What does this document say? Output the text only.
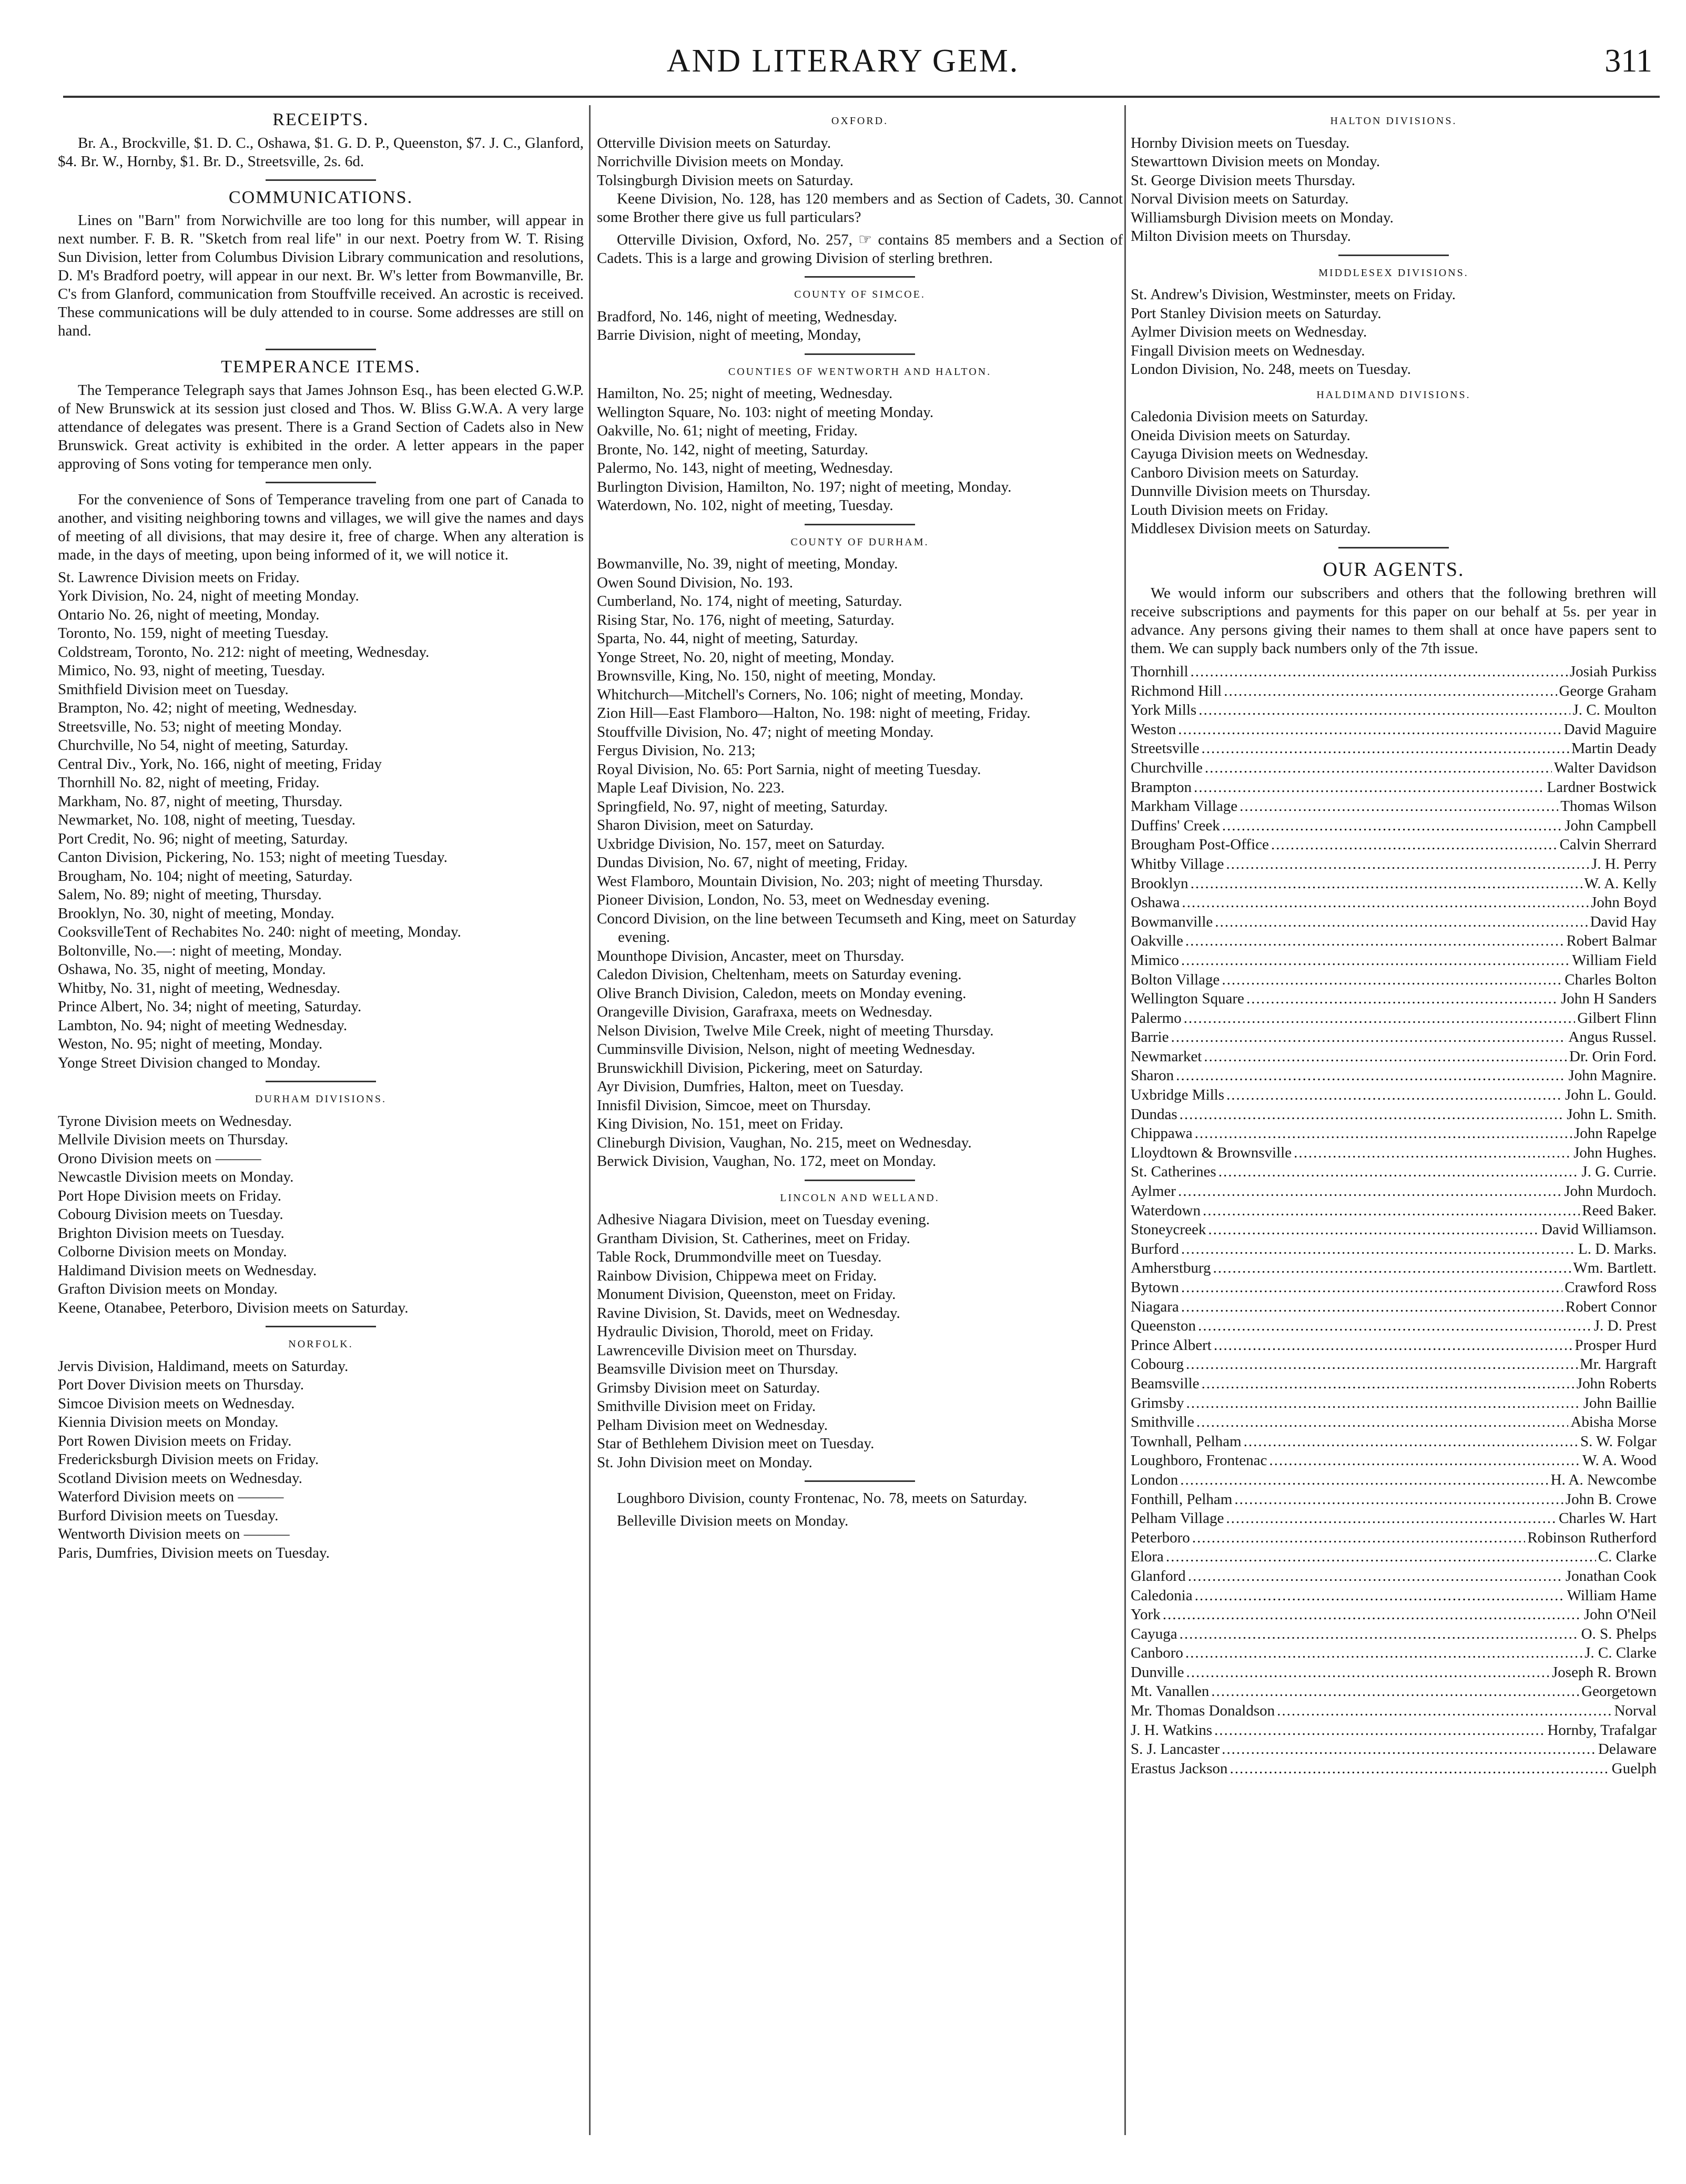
AND LITERARY GEM.	311
RECEIPTS.
Br. A., Brockville, $1. D. C., Oshawa, $1. G. D. P., Queenston, $7. J. C., Glanford, $4. Br. W., Hornby, $1. Br. D., Streetsville, 2s. 6d.
COMMUNICATIONS.
Lines on "Barn" from Norwichville are too long for this number, will appear in next number. F. B. R. "Sketch from real life" in our next. Poetry from W. T. Rising Sun Division, letter from Columbus Division Library communication and resolutions, D. M's Bradford poetry, will appear in our next. Br. W's letter from Bowmanville, Br. C's from Glanford, communication from Stouffville received. An acrostic is received. These communications will be duly attended to in course. Some addresses are still on hand.
TEMPERANCE ITEMS.
The Temperance Telegraph says that James Johnson Esq., has been elected G.W.P. of New Brunswick at its session just closed and Thos. W. Bliss G.W.A. A very large attendance of delegates was present. There is a Grand Section of Cadets also in New Brunswick. Great activity is exhibited in the order. A letter appears in the paper approving of Sons voting for temperance men only.
For the convenience of Sons of Temperance traveling from one part of Canada to another, and visiting neighboring towns and villages, we will give the names and days of meeting of all divisions, that may desire it, free of charge. When any alteration is made, in the days of meeting, upon being informed of it, we will notice it.
St. Lawrence Division meets on Friday.
York Division, No. 24, night of meeting Monday.
Ontario No. 26, night of meeting, Monday.
Toronto, No. 159, night of meeting Tuesday.
Coldstream, Toronto, No. 212: night of meeting, Wednesday.
Mimico, No. 93, night of meeting, Tuesday.
Smithfield Division meet on Tuesday.
Brampton, No. 42; night of meeting, Wednesday.
Streetsville, No. 53; night of meeting Monday.
Churchville, No 54, night of meeting, Saturday.
Central Div., York, No. 166, night of meeting, Friday
Thornhill No. 82, night of meeting, Friday.
Markham, No. 87, night of meeting, Thursday.
Newmarket, No. 108, night of meeting, Tuesday.
Port Credit, No. 96; night of meeting, Saturday.
Canton Division, Pickering, No. 153; night of meeting Tuesday.
Brougham, No. 104; night of meeting, Saturday.
Salem, No. 89; night of meeting, Thursday.
Brooklyn, No. 30, night of meeting, Monday.
CooksvilleTent of Rechabites No. 240: night of meeting, Monday.
Boltonville, No.—: night of meeting, Monday.
Oshawa, No. 35, night of meeting, Monday.
Whitby, No. 31, night of meeting, Wednesday.
Prince Albert, No. 34; night of meeting, Saturday.
Lambton, No. 94; night of meeting Wednesday.
Weston, No. 95; night of meeting, Monday.
Yonge Street Division changed to Monday.
DURHAM DIVISIONS.
Tyrone Division meets on Wednesday.
Mellvile Division meets on Thursday.
Orono Division meets on ———
Newcastle Division meets on Monday.
Port Hope Division meets on Friday.
Cobourg Division meets on Tuesday.
Brighton Division meets on Tuesday.
Colborne Division meets on Monday.
Haldimand Division meets on Wednesday.
Grafton Division meets on Monday.
Keene, Otanabee, Peterboro, Division meets on Saturday.
NORFOLK.
Jervis Division, Haldimand, meets on Saturday.
Port Dover Division meets on Thursday.
Simcoe Division meets on Wednesday.
Kiennia Division meets on Monday.
Port Rowen Division meets on Friday.
Fredericksburgh Division meets on Friday.
Scotland Division meets on Wednesday.
Waterford Division meets on ———
Burford Division meets on Tuesday.
Wentworth Division meets on ———
Paris, Dumfries, Division meets on Tuesday.
OXFORD.
Otterville Division meets on Saturday.
Norrichville Division meets on Monday.
Tolsingburgh Division meets on Saturday.
Keene Division, No. 128, has 120 members and as Section of Cadets, 30. Cannot some Brother there give us full particulars?
Otterville Division, Oxford, No. 257, ☞ contains 85 members and a Section of Cadets. This is a large and growing Division of sterling brethren.
COUNTY OF SIMCOE.
Bradford, No. 146, night of meeting, Wednesday.
Barrie Division, night of meeting, Monday,
COUNTIES OF WENTWORTH AND HALTON.
Hamilton, No. 25; night of meeting, Wednesday.
Wellington Square, No. 103: night of meeting Monday.
Oakville, No. 61; night of meeting, Friday.
Bronte, No. 142, night of meeting, Saturday.
Palermo, No. 143, night of meeting, Wednesday.
Burlington Division, Hamilton, No. 197; night of meeting, Monday.
Waterdown, No. 102, night of meeting, Tuesday.
COUNTY OF DURHAM.
Bowmanville, No. 39, night of meeting, Monday.
Owen Sound Division, No. 193.
Cumberland, No. 174, night of meeting, Saturday.
Rising Star, No. 176, night of meeting, Saturday.
Sparta, No. 44, night of meeting, Saturday.
Yonge Street, No. 20, night of meeting, Monday.
Brownsville, King, No. 150, night of meeting, Monday.
Whitchurch—Mitchell's Corners, No. 106; night of meeting, Monday.
Zion Hill—East Flamboro—Halton, No. 198: night of meeting, Friday.
Stouffville Division, No. 47; night of meeting Monday.
Fergus Division, No. 213;
Royal Division, No. 65: Port Sarnia, night of meeting Tuesday.
Maple Leaf Division, No. 223.
Springfield, No. 97, night of meeting, Saturday.
Sharon Division, meet on Saturday.
Uxbridge Division, No. 157, meet on Saturday.
Dundas Division, No. 67, night of meeting, Friday.
West Flamboro, Mountain Division, No. 203; night of meeting Thursday.
Pioneer Division, London, No. 53, meet on Wednesday evening.
Concord Division, on the line between Tecumseth and King, meet on Saturday evening.
Mounthope Division, Ancaster, meet on Thursday.
Caledon Division, Cheltenham, meets on Saturday evening.
Olive Branch Division, Caledon, meets on Monday evening.
Orangeville Division, Garafraxa, meets on Wednesday.
Nelson Division, Twelve Mile Creek, night of meeting Thursday.
Cumminsville Division, Nelson, night of meeting Wednesday.
Brunswickhill Division, Pickering, meet on Saturday.
Ayr Division, Dumfries, Halton, meet on Tuesday.
Innisfil Division, Simcoe, meet on Thursday.
King Division, No. 151, meet on Friday.
Clineburgh Division, Vaughan, No. 215, meet on Wednesday.
Berwick Division, Vaughan, No. 172, meet on Monday.
LINCOLN AND WELLAND.
Adhesive Niagara Division, meet on Tuesday evening.
Grantham Division, St. Catherines, meet on Friday.
Table Rock, Drummondville meet on Tuesday.
Rainbow Division, Chippewa meet on Friday.
Monument Division, Queenston, meet on Friday.
Ravine Division, St. Davids, meet on Wednesday.
Hydraulic Division, Thorold, meet on Friday.
Lawrenceville Division meet on Thursday.
Beamsville Division meet on Thursday.
Grimsby Division meet on Saturday.
Smithville Division meet on Friday.
Pelham Division meet on Wednesday.
Star of Bethlehem Division meet on Tuesday.
St. John Division meet on Monday.
Loughboro Division, county Frontenac, No. 78, meets on Saturday.
Belleville Division meets on Monday.
HALTON DIVISIONS.
Hornby Division meets on Tuesday.
Stewarttown Division meets on Monday.
St. George Division meets Thursday.
Norval Division meets on Saturday.
Williamsburgh Division meets on Monday.
Milton Division meets on Thursday.
MIDDLESEX DIVISIONS.
St. Andrew's Division, Westminster, meets on Friday.
Port Stanley Division meets on Saturday.
Aylmer Division meets on Wednesday.
Fingall Division meets on Wednesday.
London Division, No. 248, meets on Tuesday.
HALDIMAND DIVISIONS.
Caledonia Division meets on Saturday.
Oneida Division meets on Saturday.
Cayuga Division meets on Wednesday.
Canboro Division meets on Saturday.
Dunnville Division meets on Thursday.
Louth Division meets on Friday.
Middlesex Division meets on Saturday.
OUR AGENTS.
We would inform our subscribers and others that the following brethren will receive subscriptions and payments for this paper on our behalf at 5s. per year in advance. Any persons giving their names to them shall at once have papers sent to them. We can supply back numbers only of the 7th issue.
Thornhill .....	Josiah Purkiss
Richmond Hill .....	George Graham
York Mills .....	J. C. Moulton
Weston .....	David Maguire
Streetsville .....	Martin Deady
Churchville .....	Walter Davidson
Brampton .....	Lardner Bostwick
Markham Village .....	Thomas Wilson
Duffins' Creek .....	John Campbell
Brougham Post-Office .....	Calvin Sherrard
Whitby Village .....	J. H. Perry
Brooklyn .....	W. A. Kelly
Oshawa .....	John Boyd
Bowmanville .....	David Hay
Oakville .....	Robert Balmar
Mimico .....	William Field
Bolton Village .....	Charles Bolton
Wellington Square .....	John H Sanders
Palermo .....	Gilbert Flinn
Barrie .....	Angus Russel.
Newmarket .....	Dr. Orin Ford.
Sharon .....	John Magnire.
Uxbridge Mills .....	John L. Gould.
Dundas .....	John L. Smith.
Chippawa .....	John Rapelge
Lloydtown & Brownsville .....	John Hughes.
St. Catherines .....	J. G. Currie.
Aylmer .....	John Murdoch.
Waterdown .....	Reed Baker.
Stoneycreek .....	David Williamson.
Burford .....	L. D. Marks.
Amherstburg .....	Wm. Bartlett.
Bytown .....	Crawford Ross
Niagara .....	Robert Connor
Queenston .....	J. D. Prest
Prince Albert .....	Prosper Hurd
Cobourg .....	Mr. Hargraft
Beamsville .....	John Roberts
Grimsby .....	John Baillie
Smithville .....	Abisha Morse
Townhall, Pelham .....	S. W. Folgar
Loughboro, Frontenac .....	W. A. Wood
London .....	H. A. Newcombe
Fonthill, Pelham .....	John B. Crowe
Pelham Village .....	Charles W. Hart
Peterboro .....	Robinson Rutherford
Elora .....	C. Clarke
Glanford .....	Jonathan Cook
Caledonia .....	William Hame
York .....	John O'Neil
Cayuga .....	O. S. Phelps
Canboro .....	J. C. Clarke
Dunville .....	Joseph R. Brown
Mt. Vanallen .....	Georgetown
Mr. Thomas Donaldson .....	Norval
J. H. Watkins .....	Hornby, Trafalgar
S. J. Lancaster .....	Delaware
Erastus Jackson .....	Guelph
